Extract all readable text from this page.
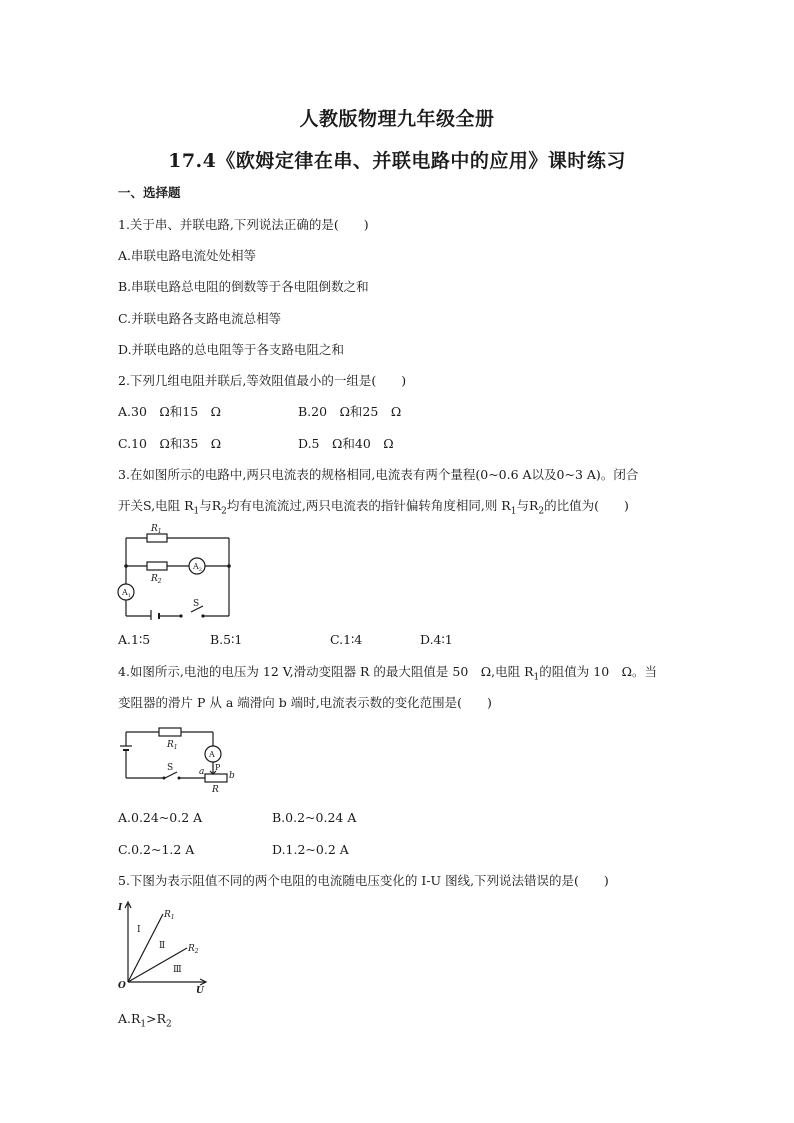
人教版物理九年级全册
17.4《欧姆定律在串、并联电路中的应用》课时练习
一、选择题
1.关于串、并联电路,下列说法正确的是(　　)
A.串联电路电流处处相等
B.串联电路总电阻的倒数等于各电阻倒数之和
C.并联电路各支路电流总相等
D.并联电路的总电阻等于各支路电阻之和
2.下列几组电阻并联后,等效阻值最小的一组是(　　)
A.30　Ω和15　Ω	B.20　Ω和25　Ω
C.10　Ω和35　Ω	D.5　Ω和40　Ω
3.在如图所示的电路中,两只电流表的规格相同,电流表有两个量程(0~0.6 A以及0~3 A)。闭合
开关S,电阻 $R_1$与$R_2$均有电流流过,两只电流表的指针偏转角度相同,则 $R_1$与$R_2$的比值为(　　)
$R_1$
$R_2$
$A_2$
$A_1$
S
A.1∶5	B.5∶1	C.1∶4	D.4∶1
4.如图所示,电池的电压为 12 V,滑动变阻器 R 的最大阻值是 50　Ω,电阻 $R_1$的阻值为 10　Ω。当
变阻器的滑片 P 从 a 端滑向 b 端时,电流表示数的变化范围是(　　)
$R_1$
A
S	P
a	b
R
A.0.24~0.2 A	B.0.2~0.24 A
C.0.2~1.2 A	D.1.2~0.2 A
5.下图为表示阻值不同的两个电阻的电流随电压变化的 I-U 图线,下列说法错误的是(　　)
I
U
O
$R_1$
$R_2$
Ⅰ
Ⅱ
Ⅲ
$A.R_1>R_2$
